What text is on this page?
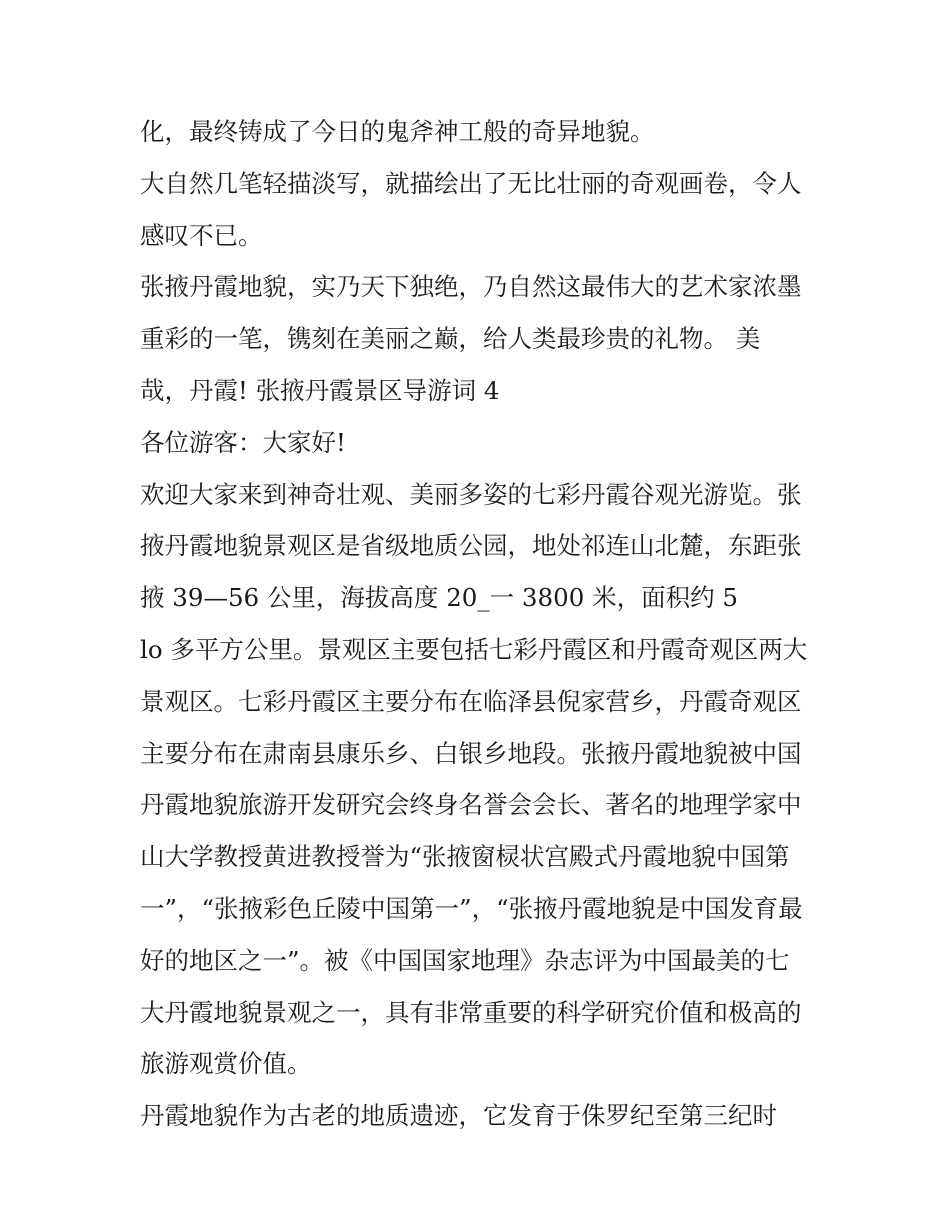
化，最终铸成了今日的鬼斧神工般的奇异地貌。
大自然几笔轻描淡写，就描绘出了无比壮丽的奇观画卷，令人
感叹不已。
张掖丹霞地貌，实乃天下独绝，乃自然这最伟大的艺术家浓墨
重彩的一笔，镌刻在美丽之巅，给人类最珍贵的礼物。 美
哉，丹霞! 张掖丹霞景区导游词 4
各位游客：大家好!
欢迎大家来到神奇壮观、美丽多姿的七彩丹霞谷观光游览。张
掖丹霞地貌景观区是省级地质公园，地处祁连山北麓，东距张
掖 39—56 公里，海拔高度 20_一 3800 米，面积约 5
lo 多平方公里。景观区主要包括七彩丹霞区和丹霞奇观区两大
景观区。七彩丹霞区主要分布在临泽县倪家营乡，丹霞奇观区
主要分布在肃南县康乐乡、白银乡地段。张掖丹霞地貌被中国
丹霞地貌旅游开发研究会终身名誉会会长、著名的地理学家中
山大学教授黄进教授誉为“张掖窗棂状宫殿式丹霞地貌中国第
一”，“张掖彩色丘陵中国第一”，“张掖丹霞地貌是中国发育最
好的地区之一”。被《中国国家地理》杂志评为中国最美的七
大丹霞地貌景观之一，具有非常重要的科学研究价值和极高的
旅游观赏价值。
丹霞地貌作为古老的地质遗迹，它发育于侏罗纪至第三纪时
